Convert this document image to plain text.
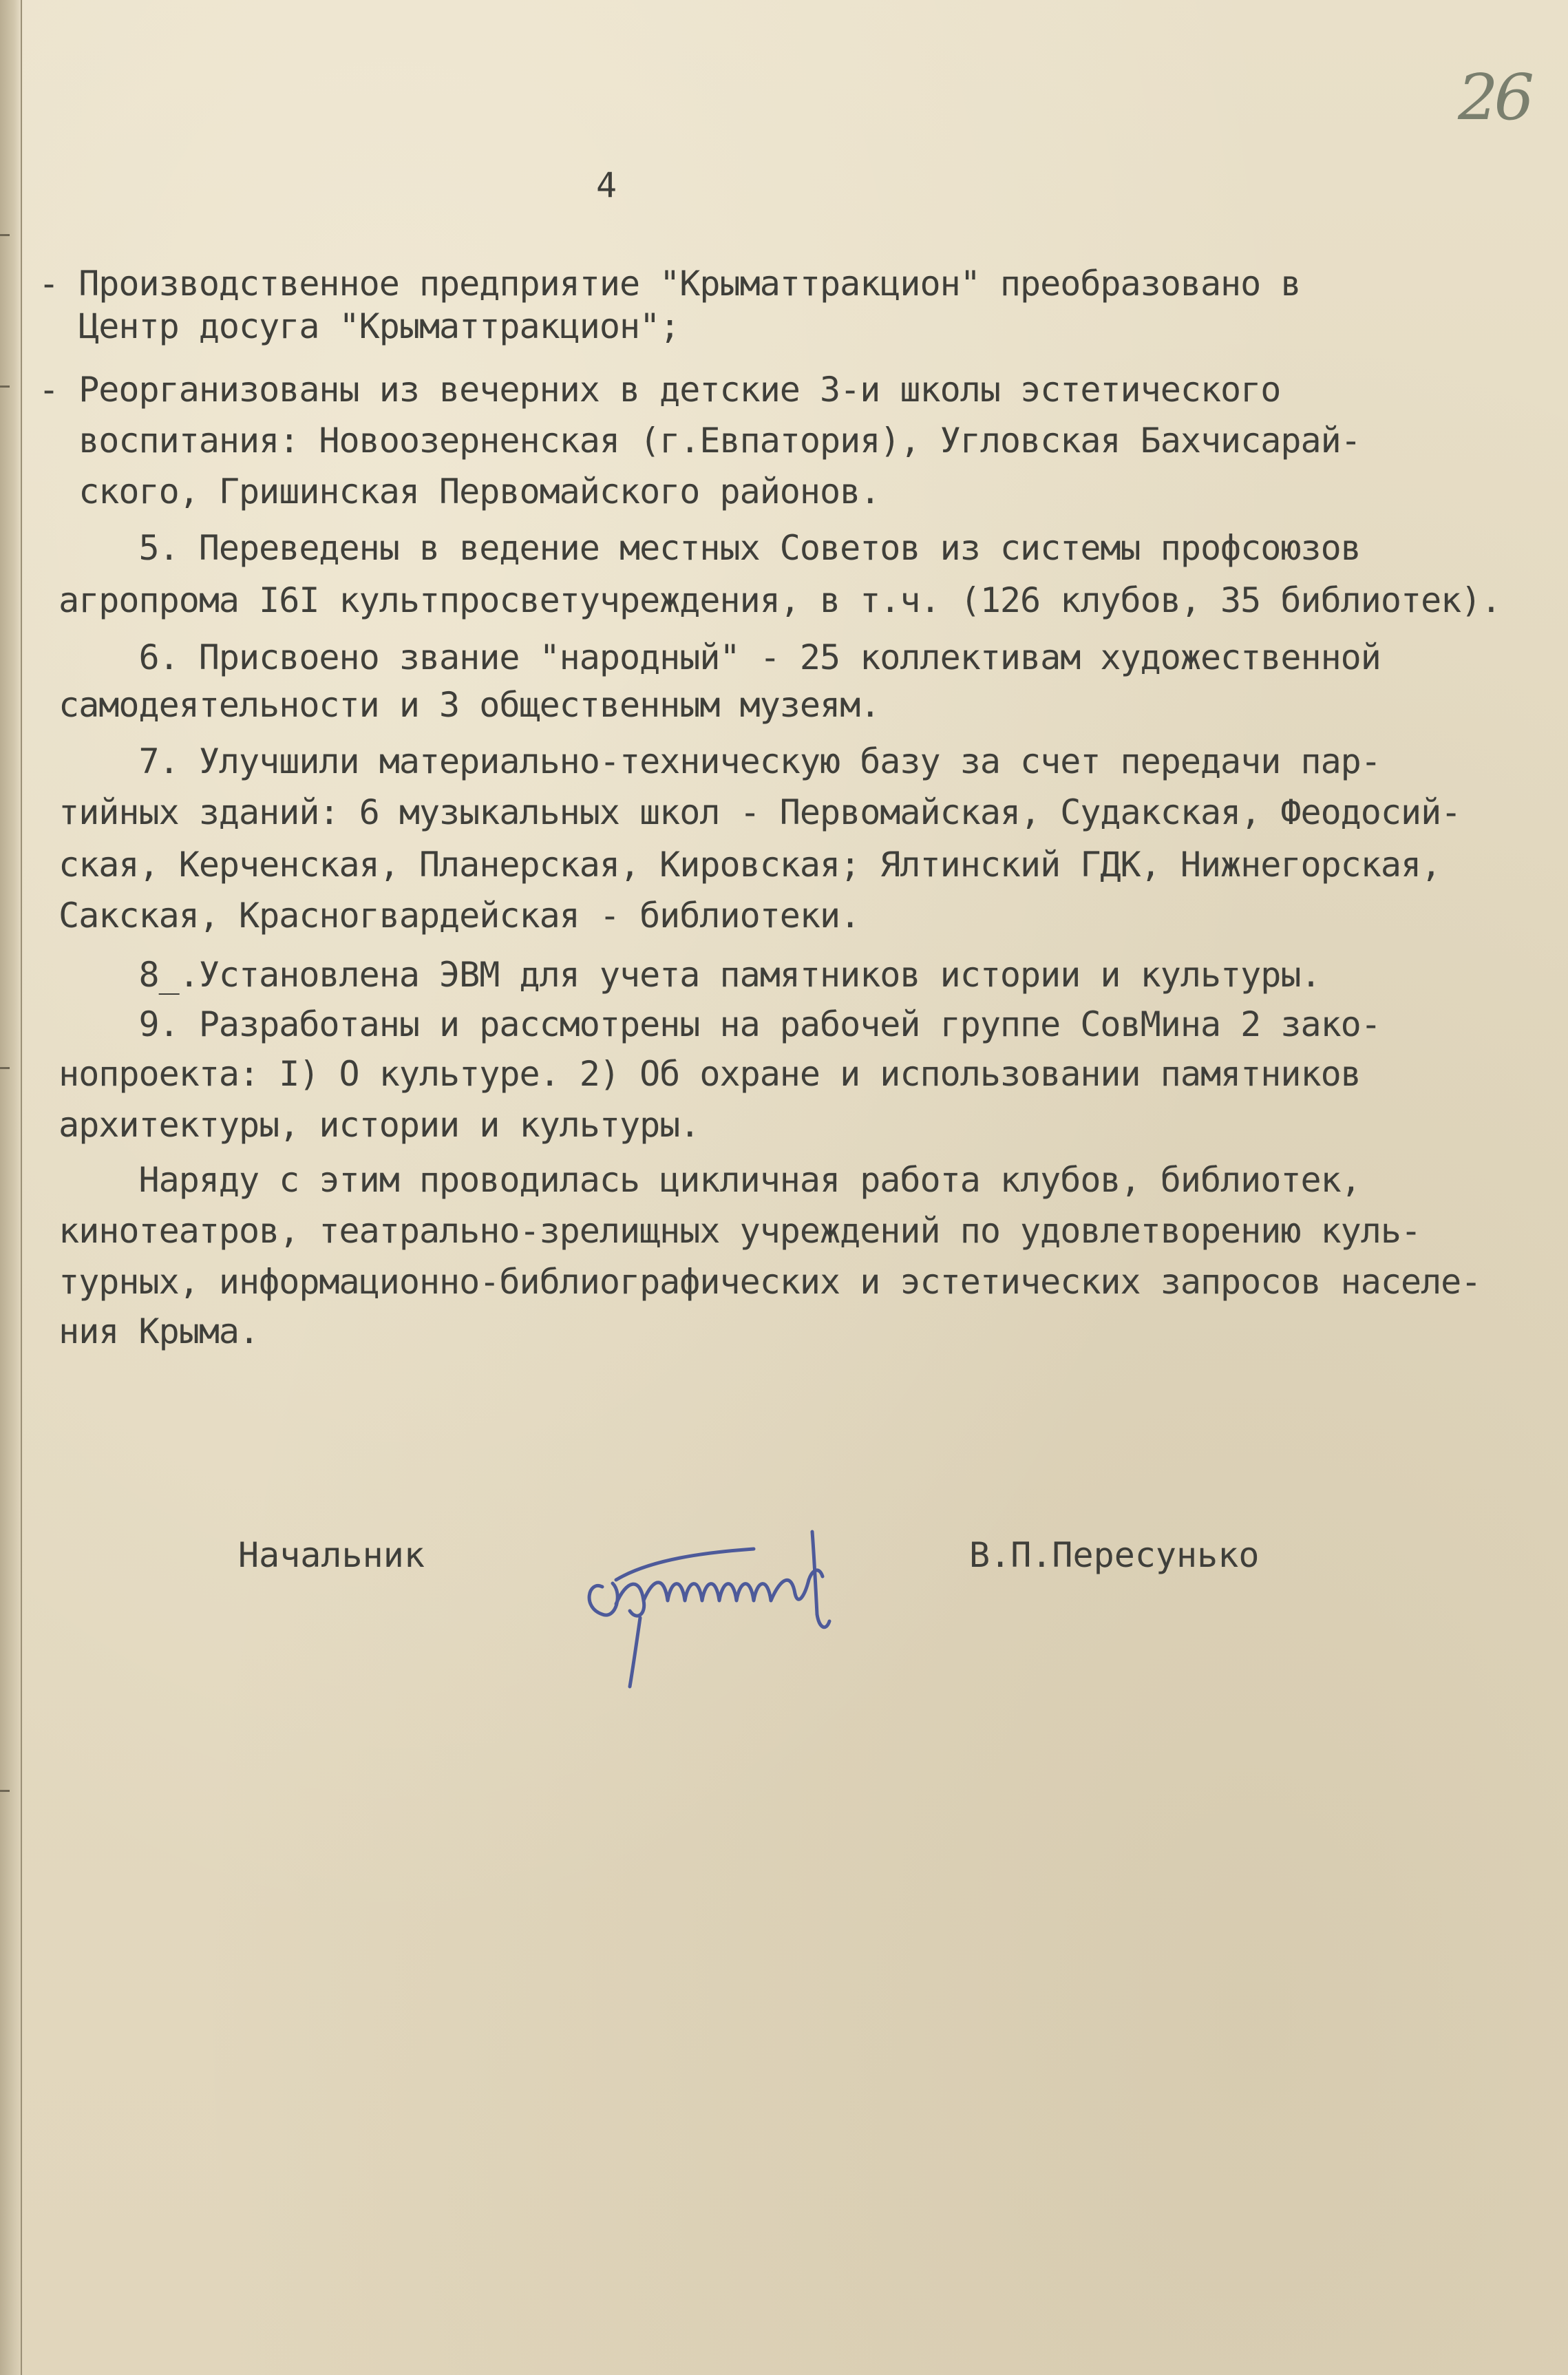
26
4
- Производственное предприятие "Крыматтракцион" преобразовано в
Центр досуга "Крыматтракцион";
- Реорганизованы из вечерних в детские 3-и школы эстетического
воспитания: Новоозерненская (г.Евпатория), Угловская Бахчисарай-
ского, Гришинская Первомайского районов.
5. Переведены в ведение местных Советов из системы профсоюзов
агропрома I6I культпросветучреждения, в т.ч. (126 клубов, 35 библиотек).
6. Присвоено звание "народный" - 25 коллективам художественной
самодеятельности и 3 общественным музеям.
7. Улучшили материально-техническую базу за счет передачи пар-
тийных зданий: 6 музыкальных школ - Первомайская, Судакская, Феодосий-
ская, Керченская, Планерская, Кировская; Ялтинский ГДК, Нижнегорская,
Сакская, Красногвардейская - библиотеки.
8_.Установлена ЭВМ для учета памятников истории и культуры.
9. Разработаны и рассмотрены на рабочей группе СовМина 2 зако-
нопроекта: I) О культуре. 2) Об охране и использовании памятников
архитектуры, истории и культуры.
Наряду с этим проводилась цикличная работа клубов, библиотек,
кинотеатров, театрально-зрелищных учреждений по удовлетворению куль-
турных, информационно-библиографических и эстетических запросов населе-
ния Крыма.
Начальник	В.П.Пересунько
